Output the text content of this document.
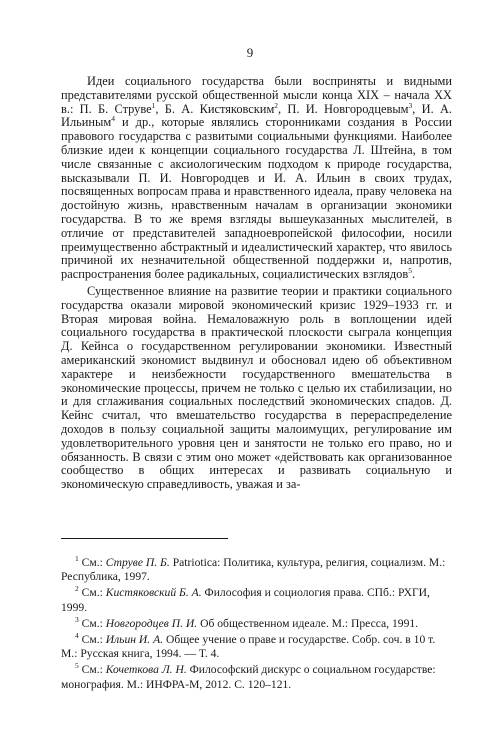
9

Идеи социального государства были восприняты и видными представителями русской общественной мысли конца XIX – начала XX в.: П. Б. Струве$^1$, Б. А. Кистяковским$^2$, П. И. Новгородцевым$^3$, И. А. Ильиным$^4$ и др., которые являлись сторонниками создания в России правового государства с развитыми социальными функциями. Наиболее близкие идеи к концепции социального государства Л. Штейна, в том числе связанные с аксиологическим подходом к природе государства, высказывали П. И. Новгородцев и И. А. Ильин в своих трудах, посвященных вопросам права и нравственного идеала, праву человека на достойную жизнь, нравственным началам в организации экономики государства. В то же время взгляды вышеуказанных мыслителей, в отличие от представителей западноевропейской философии, носили преимущественно абстрактный и идеалистический характер, что явилось причиной их незначительной общественной поддержки и, напротив, распространения более радикальных, социалистических взглядов$^5$.

Существенное влияние на развитие теории и практики социального государства оказали мировой экономический кризис 1929–1933 гг. и Вторая мировая война. Немаловажную роль в воплощении идей социального государства в практической плоскости сыграла концепция Д. Кейнса о государственном регулировании экономики. Известный американский экономист выдвинул и обосновал идею об объективном характере и неизбежности государственного вмешательства в экономические процессы, причем не только с целью их стабилизации, но и для сглаживания социальных последствий экономических спадов. Д. Кейнс считал, что вмешательство государства в перераспределение доходов в пользу социальной защиты малоимущих, регулирование им удовлетворительного уровня цен и занятости не только его право, но и обязанность. В связи с этим оно может «действовать как организованное сообщество в общих интересах и развивать социальную и экономическую справедливость, уважая и за-

$^1$ См.: Струве П. Б. Patriotica: Политика, культура, религия, социализм. М.: Республика, 1997.
$^2$ См.: Кистяковский Б. А. Философия и социология права. СПб.: РХГИ, 1999.
$^3$ См.: Новгородцев П. И. Об общественном идеале. М.: Пресса, 1991.
$^4$ См.: Ильин И. А. Общее учение о праве и государстве. Собр. соч. в 10 т. М.: Русская книга, 1994. — Т. 4.
$^5$ См.: Кочеткова Л. Н. Философский дискурс о социальном государстве: монография. М.: ИНФРА-М, 2012. С. 120–121.
